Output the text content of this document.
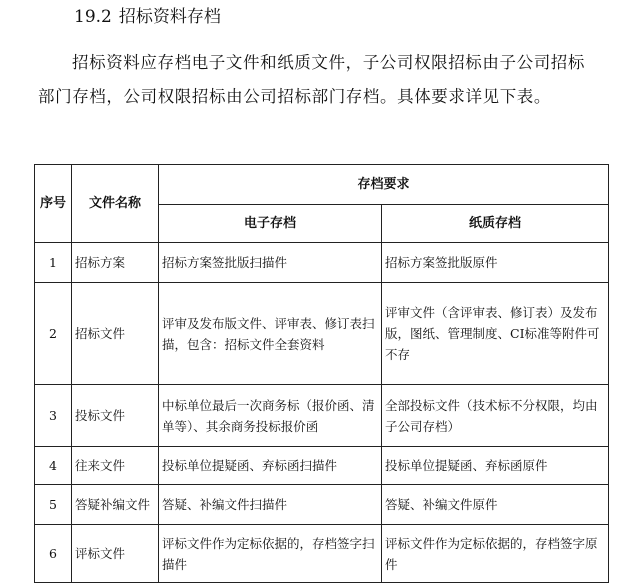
19.2 招标资料存档
招标资料应存档电子文件和纸质文件，子公司权限招标由子公司招标部门存档，公司权限招标由公司招标部门存档。具体要求详见下表。
序号	文件名称	存档要求	
		电子存档	纸质存档
1	招标方案	招标方案签批版扫描件	招标方案签批版原件
2	招标文件	评审及发布版文件、评审表、修订表扫描，包含：招标文件全套资料	评审文件（含评审表、修订表）及发布版，图纸、管理制度、CI标准等附件可不存
3	投标文件	中标单位最后一次商务标（报价函、清单等）、其余商务投标报价函	全部投标文件（技术标不分权限，均由子公司存档）
4	往来文件	投标单位提疑函、弃标函扫描件	投标单位提疑函、弃标函原件
5	答疑补编文件	答疑、补编文件扫描件	答疑、补编文件原件
6	评标文件	评标文件作为定标依据的，存档签字扫描件	评标文件作为定标依据的，存档签字原件
